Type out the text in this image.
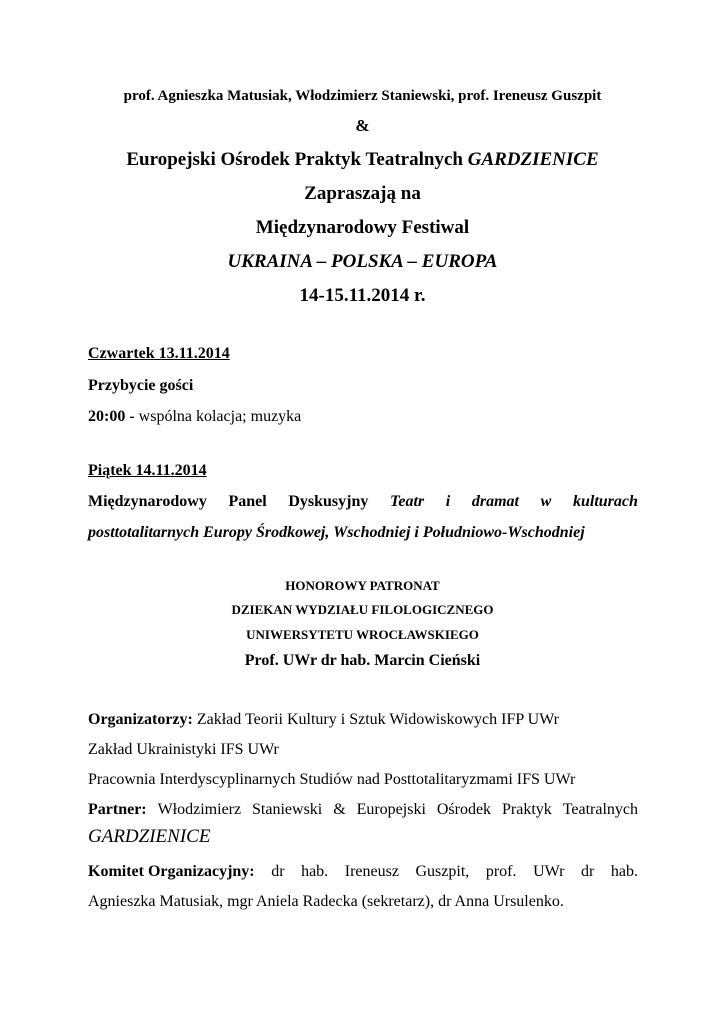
prof. Agnieszka Matusiak, Włodzimierz Staniewski, prof. Ireneusz Guszpit

&

Europejski Ośrodek Praktyk Teatralnych GARDZIENICE

Zapraszają na

Międzynarodowy Festiwal

UKRAINA – POLSKA – EUROPA

14-15.11.2014 r.

Czwartek 13.11.2014

Przybycie gości

20:00 - wspólna kolacja; muzyka

Piątek 14.11.2014

Międzynarodowy Panel Dyskusyjny Teatr i dramat w kulturach

posttotalitarnych Europy Środkowej, Wschodniej i Południowo-Wschodniej

HONOROWY PATRONAT

DZIEKAN WYDZIAŁU FILOLOGICZNEGO

UNIWERSYTETU WROCŁAWSKIEGO

Prof. UWr dr hab. Marcin Cieński

Organizatorzy: Zakład Teorii Kultury i Sztuk Widowiskowych IFP UWr

Zakład Ukrainistyki IFS UWr

Pracownia Interdyscyplinarnych Studiów nad Posttotalitaryzmami IFS UWr

Partner: Włodzimierz Staniewski & Europejski Ośrodek Praktyk Teatralnych

GARDZIENICE

Komitet Organizacyjny: dr hab. Ireneusz Guszpit, prof. UWr dr hab.

Agnieszka Matusiak, mgr Aniela Radecka (sekretarz), dr Anna Ursulenko.
